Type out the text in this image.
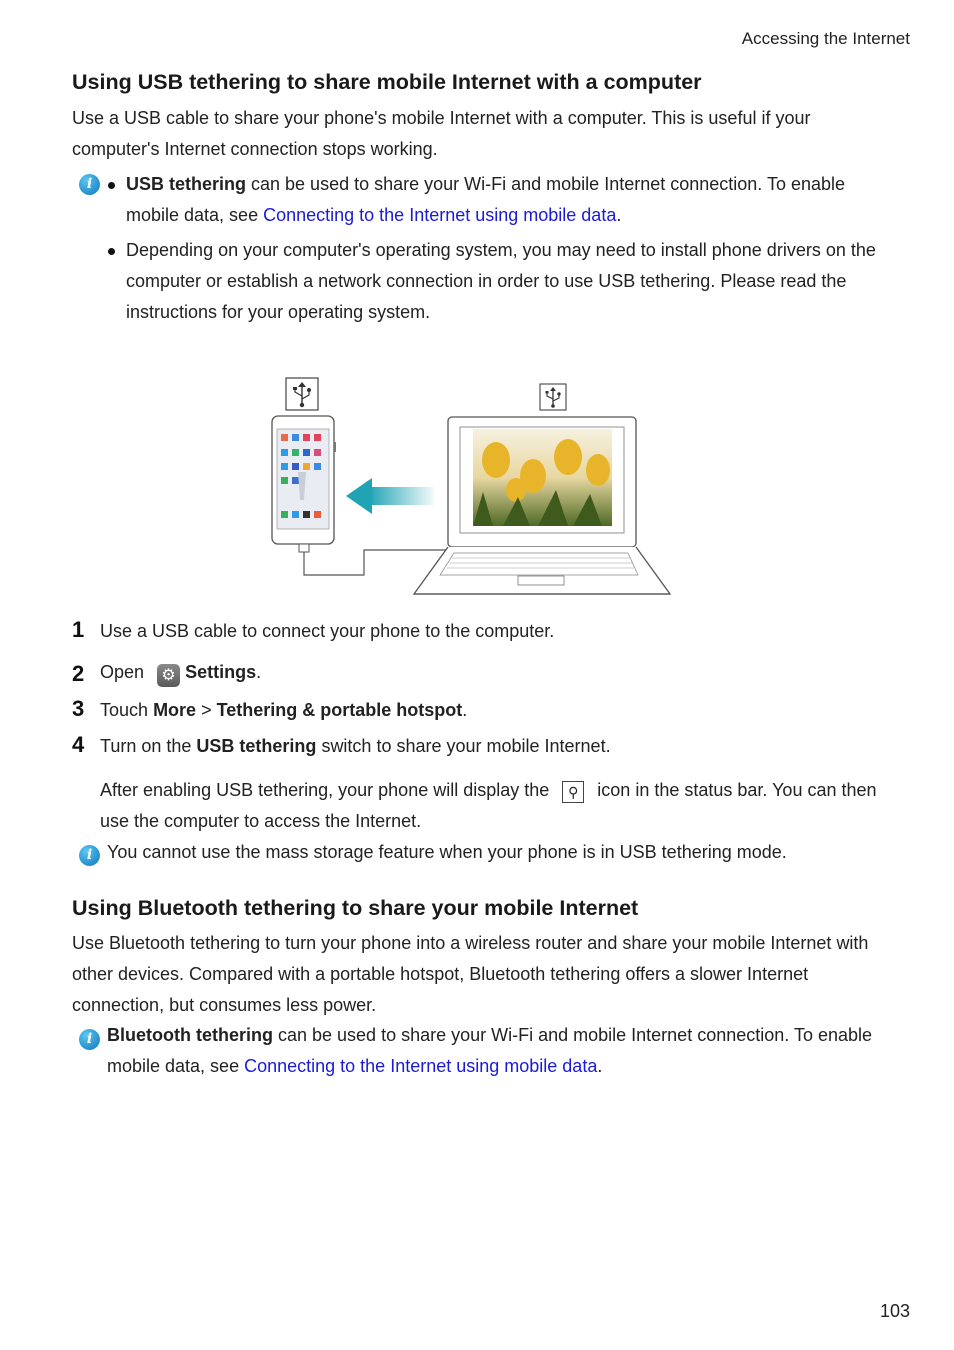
Accessing the Internet
Using USB tethering to share mobile Internet with a computer
Use a USB cable to share your phone's mobile Internet with a computer. This is useful if your computer's Internet connection stops working.
i	USB tethering can be used to share your Wi-Fi and mobile Internet connection. To enable mobile data, see Connecting to the Internet using mobile data.
Depending on your computer's operating system, you may need to install phone drivers on the computer or establish a network connection in order to use USB tethering. Please read the instructions for your operating system.
1 Use a USB cable to connect your phone to the computer.
2 Open ⚙ Settings.
3 Touch More > Tethering & portable hotspot.
4 Turn on the USB tethering switch to share your mobile Internet.
After enabling USB tethering, your phone will display the ⚲ icon in the status bar. You can then use the computer to access the Internet.
i You cannot use the mass storage feature when your phone is in USB tethering mode.
Using Bluetooth tethering to share your mobile Internet
Use Bluetooth tethering to turn your phone into a wireless router and share your mobile Internet with other devices. Compared with a portable hotspot, Bluetooth tethering offers a slower Internet connection, but consumes less power.
i Bluetooth tethering can be used to share your Wi-Fi and mobile Internet connection. To enable mobile data, see Connecting to the Internet using mobile data.
103
